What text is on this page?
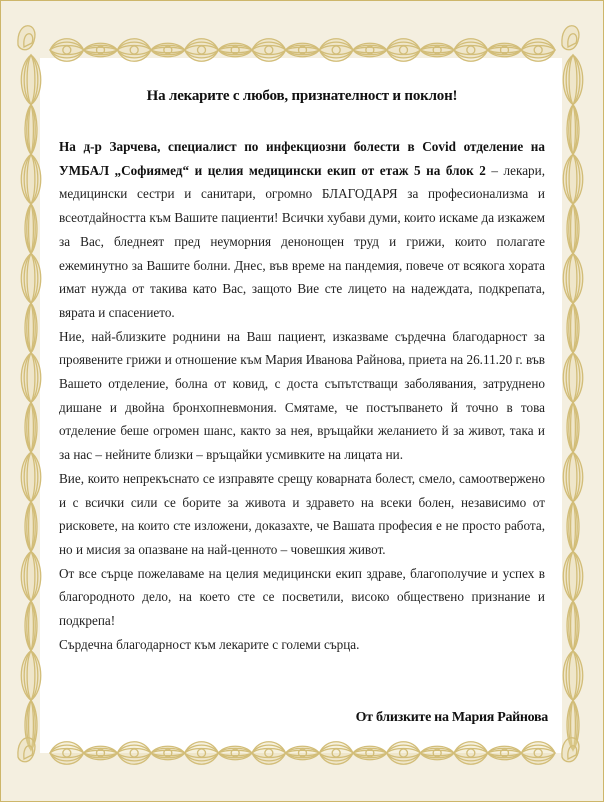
На лекарите с любов, признателност и поклон!

На д-р Зарчева, специалист по инфекциозни болести в Covid отделение на УМБАЛ „Софиямед“ и целия медицински екип от етаж 5 на блок 2 – лекари, медицински сестри и санитари, огромно БЛАГОДАРЯ за професионализма и всеотдайността към Вашите пациенти! Всички хубави думи, които искаме да изкажем за Вас, бледнеят пред неуморния денонощен труд и грижи, които полагате ежеминутно за Вашите болни. Днес, във време на пандемия, повече от всякога хората имат нужда от такива като Вас, защото Вие сте лицето на надеждата, подкрепата, вярата и спасението.

Ние, най-близките роднини на Ваш пациент, изказваме сърдечна благодарност за проявените грижи и отношение към Мария Иванова Райнова, приета на 26.11.20 г. във Вашето отделение, болна от ковид, с доста съпътстващи заболявания, затруднено дишане и двойна бронхопневмония. Смятаме, че постъпването й точно в това отделение беше огромен шанс, както за нея, връщайки желанието й за живот, така и за нас – нейните близки – връщайки усмивките на лицата ни.

Вие, които непрекъснато се изправяте срещу коварната болест, смело, самоотвержено и с всички сили се борите за живота и здравето на всеки болен, независимо от рисковете, на които сте изложени, доказахте, че Вашата професия е не просто работа, но и мисия за опазване на най-ценното – човешкия живот.

От все сърце пожелаваме на целия медицински екип здраве, благополучие и успех в благородното дело, на което сте се посветили, високо обществено признание и подкрепа!

Сърдечна благодарност към лекарите с големи сърца.

От близките на Мария Райнова
